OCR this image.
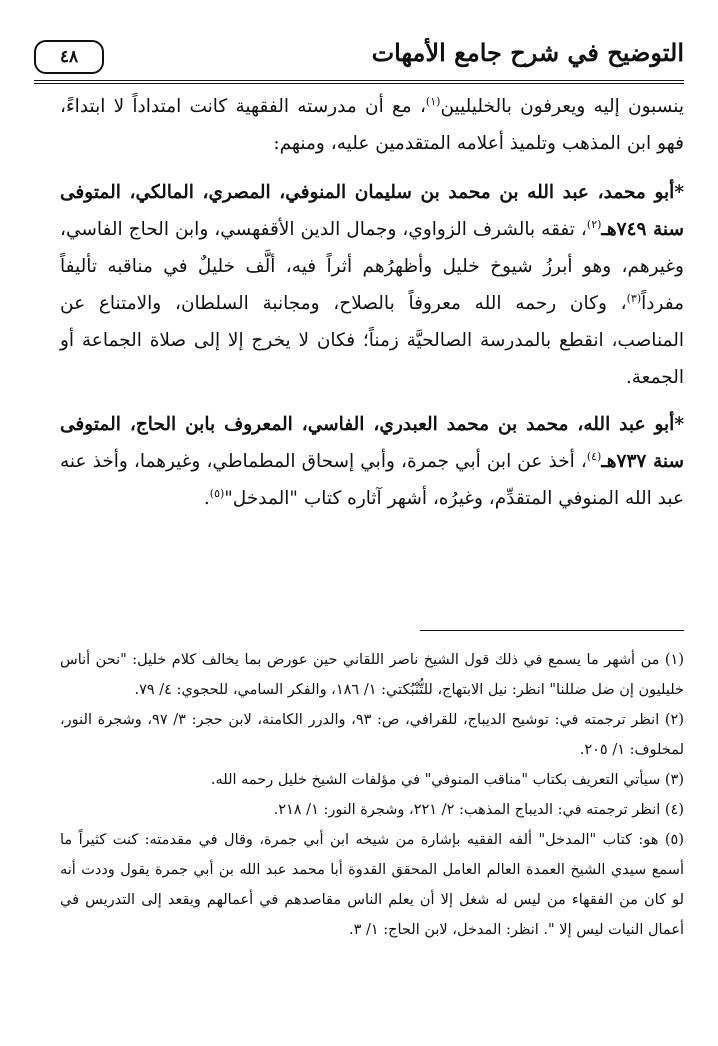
التوضيح في شرح جامع الأمهات
٤٨

ينسبون إليه ويعرفون بالخليليين$^{(١)}$، مع أن مدرسته الفقهية كانت امتداداً لا ابتداءً، فهو ابن المذهب وتلميذ أعلامه المتقدمين عليه، ومنهم:

*أبو محمد، عبد الله بن محمد بن سليمان المنوفي، المصري، المالكي، المتوفى سنة ٧٤٩هـ$^{(٢)}$، تفقه بالشرف الزواوي، وجمال الدين الأقفهسي، وابن الحاج الفاسي، وغيرهم، وهو أبرزُ شيوخ خليل وأظهرُهم أثراً فيه، ألَّف خليلٌ في مناقبه تأليفاً مفرداً$^{(٣)}$، وكان رحمه الله معروفاً بالصلاح، ومجانبة السلطان، والامتناع عن المناصب، انقطع بالمدرسة الصالحيَّة زمناً؛ فكان لا يخرج إلا إلى صلاة الجماعة أو الجمعة.

*أبو عبد الله، محمد بن محمد العبدري، الفاسي، المعروف بابن الحاج، المتوفى سنة ٧٣٧هـ$^{(٤)}$، أخذ عن ابن أبي جمرة، وأبي إسحاق المطماطي، وغيرهما، وأخذ عنه عبد الله المنوفي المتقدِّم، وغيرُه، أشهر آثاره كتاب "المدخل"$^{(٥)}$.

(١) من أشهر ما يسمع في ذلك قول الشيخ ناصر اللقاني حين عورض بما يخالف كلام خليل: "نحن أناس خليليون إن ضل ضللنا" انظر: نيل الابتهاج، للتُّنْبُكتي: ١/ ١٨٦، والفكر السامي، للحجوي: ٤/ ٧٩.

(٢) انظر ترجمته في: توشيح الديباج، للقرافي، ص: ٩٣، والدرر الكامنة، لابن حجر: ٣/ ٩٧، وشجرة النور، لمخلوف: ١/ ٢٠٥.

(٣) سيأتي التعريف بكتاب "مناقب المنوفي" في مؤلفات الشيخ خليل رحمه الله.

(٤) انظر ترجمته في: الديباج المذهب: ٢/ ٢٢١، وشجرة النور: ١/ ٢١٨.

(٥) هو: كتاب "المدخل" ألفه الفقيه بإشارة من شيخه ابن أبي جمرة، وقال في مقدمته: كنت كثيراً ما أسمع سيدي الشيخ العمدة العالم العامل المحقق القدوة أبا محمد عبد الله بن أبي جمرة يقول وددت أنه لو كان من الفقهاء من ليس له شغل إلا أن يعلم الناس مقاصدهم في أعمالهم ويقعد إلى التدريس في أعمال النيات ليس إلا ". انظر: المدخل، لابن الحاج: ١/ ٣.
